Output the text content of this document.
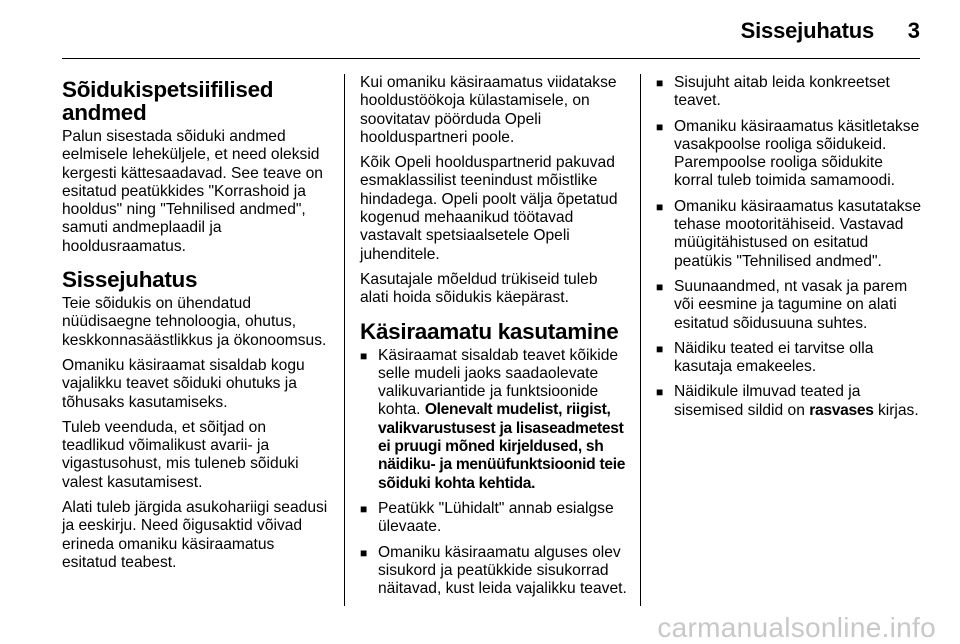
Sissejuhatus 3
Sõidukispetsiifilised andmed

Palun sisestada sõiduki andmed eelmisele leheküljele, et need oleksid kergesti kättesaadavad. See teave on esitatud peatükkides "Korrashoid ja hooldus" ning "Tehnilised andmed", samuti andmeplaadil ja hooldusraamatus.

Sissejuhatus

Teie sõidukis on ühendatud nüüdisaegne tehnoloogia, ohutus, keskkonnasäästlikkus ja ökonoomsus.

Omaniku käsiraamat sisaldab kogu vajalikku teavet sõiduki ohutuks ja tõhusaks kasutamiseks.

Tuleb veenduda, et sõitjad on teadlikud võimalikust avarii- ja vigastusohust, mis tuleneb sõiduki valest kasutamisest.

Alati tuleb järgida asukohariigi seadusi ja eeskirju. Need õigusaktid võivad erineda omaniku käsiraamatus esitatud teabest.

Kui omaniku käsiraamatus viidatakse hooldustöökoja külastamisele, on soovitatav pöörduda Opeli hoolduspartneri poole.

Kõik Opeli hoolduspartnerid pakuvad esmaklassilist teenindust mõistlike hindadega. Opeli poolt välja õpetatud kogenud mehaanikud töötavad vastavalt spetsiaalsetele Opeli juhenditele.

Kasutajale mõeldud trükiseid tuleb alati hoida sõidukis käepärast.

Käsiraamatu kasutamine
■ Käsiraamat sisaldab teavet kõikide selle mudeli jaoks saadaolevate valikuvariantide ja funktsioonide kohta. Olenevalt mudelist, riigist, valikvarustusest ja lisaseadmetest ei pruugi mõned kirjeldused, sh näidiku- ja menüüfunktsioonid teie sõiduki kohta kehtida.
■ Peatükk "Lühidalt" annab esialgse ülevaate.
■ Omaniku käsiraamatu alguses olev sisukord ja peatükkide sisukorrad näitavad, kust leida vajalikku teavet.
■ Sisujuht aitab leida konkreetset teavet.
■ Omaniku käsiraamatus käsitletakse vasakpoolse rooliga sõidukeid. Parempoolse rooliga sõidukite korral tuleb toimida samamoodi.
■ Omaniku käsiraamatus kasutatakse tehase mootoritähiseid. Vastavad müügitähistused on esitatud peatükis "Tehnilised andmed".
■ Suunaandmed, nt vasak ja parem või eesmine ja tagumine on alati esitatud sõidusuuna suhtes.
■ Näidiku teated ei tarvitse olla kasutaja emakeeles.
■ Näidikule ilmuvad teated ja sisemised sildid on rasvases kirjas.
carmanualsonline.info
